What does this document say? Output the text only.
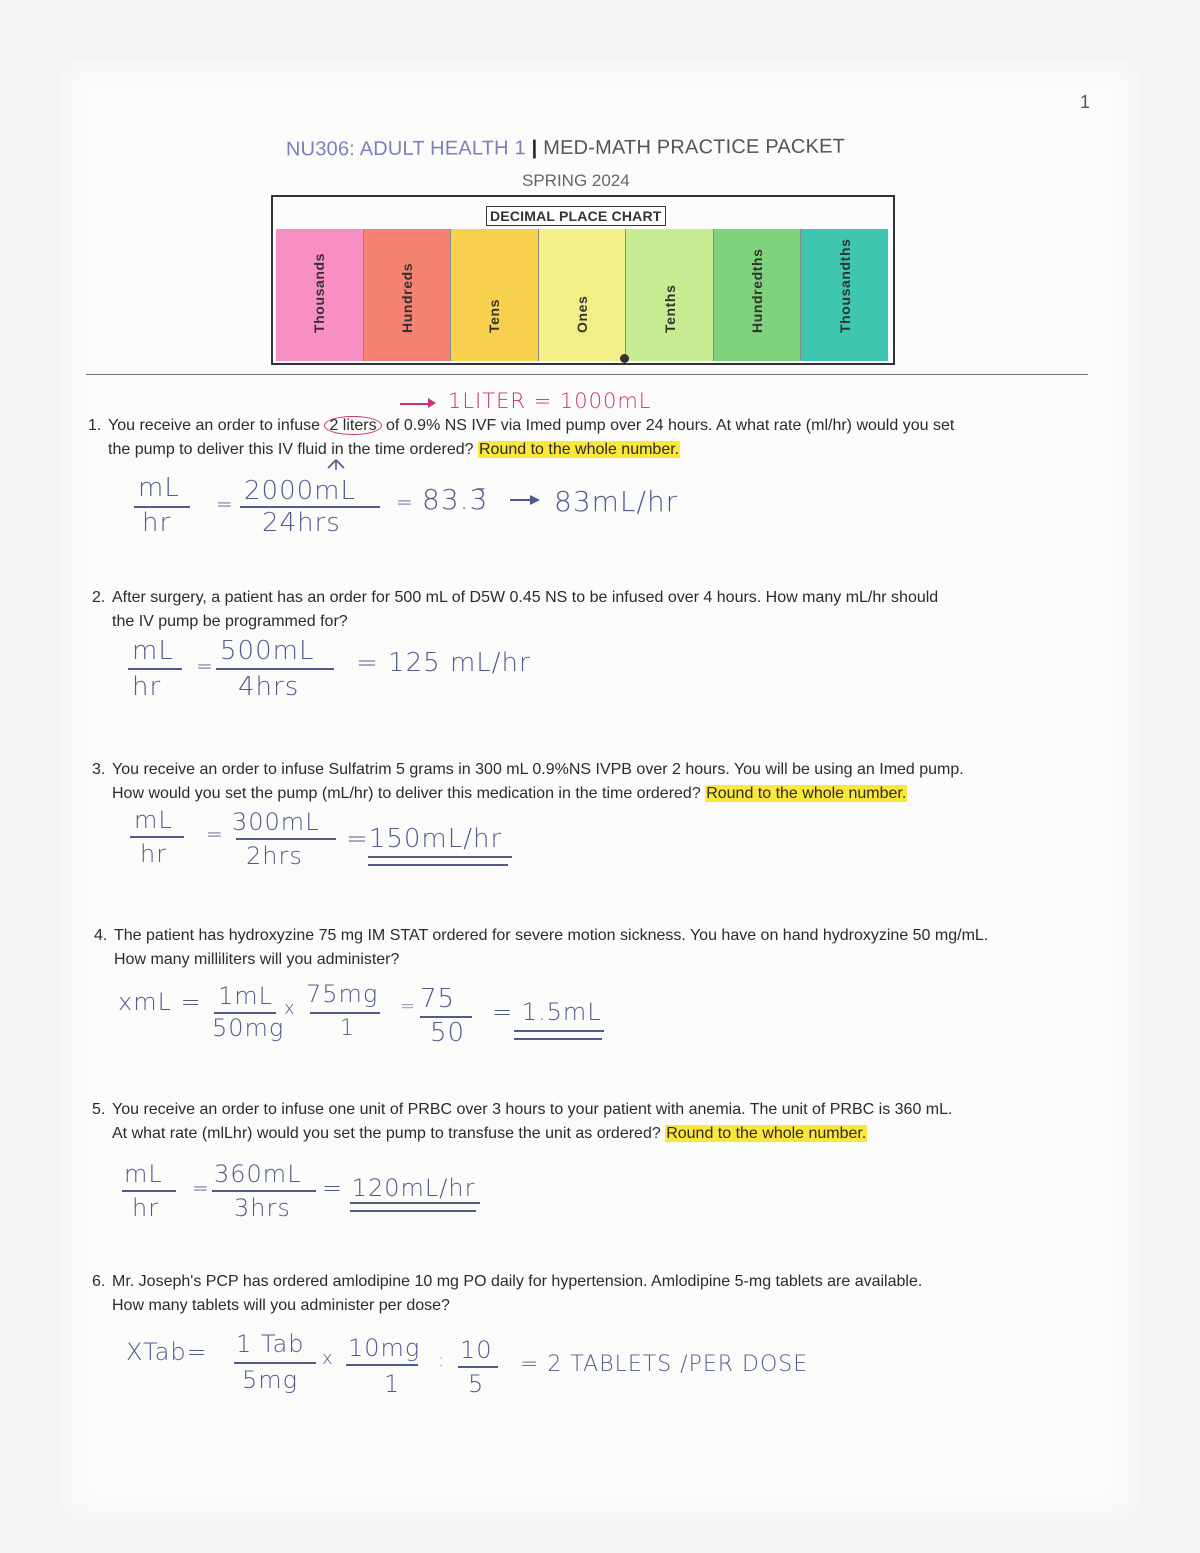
1
NU306: ADULT HEALTH 1 | MED-MATH PRACTICE PACKET
SPRING 2024
Thousands	Hundreds	Tens	Ones	Tenths	Hundredths	Thousandths
DECIMAL PLACE CHART
1LITER = 1000mL
1. You receive an order to infuse 2 liters of 0.9% NS IVF via Imed pump over 24 hours. At what rate (ml/hr) would you set
the pump to deliver this IV fluid in the time ordered? Round to the whole number.
mL
hr
= 2000mL
24hrs
= 83.3̄ 83mL/hr
2. After surgery, a patient has an order for 500 mL of D5W 0.45 NS to be infused over 4 hours. How many mL/hr should
the IV pump be programmed for?
mL
hr
= 500mL
4hrs
= 125 mL/hr
3. You receive an order to infuse Sulfatrim 5 grams in 300 mL 0.9%NS IVPB over 2 hours. You will be using an Imed pump.
How would you set the pump (mL/hr) to deliver this medication in the time ordered? Round to the whole number.
mL
hr
= 300mL
2hrs
=150mL/hr
4. The patient has hydroxyzine 75 mg IM STAT ordered for severe motion sickness. You have on hand hydroxyzine 50 mg/mL.
How many milliliters will you administer?
xmL = 1mL
50mg
x
75mg
1
= 75
50
= 1.5mL
5. You receive an order to infuse one unit of PRBC over 3 hours to your patient with anemia. The unit of PRBC is 360 mL.
At what rate (mlLhr) would you set the pump to transfuse the unit as ordered? Round to the whole number.
mL
hr
= 360mL
3hrs
= 120mL/hr
6. Mr. Joseph's PCP has ordered amlodipine 10 mg PO daily for hypertension. Amlodipine 5-mg tablets are available.
How many tablets will you administer per dose?
XTab= 1 Tab
5mg
x 10mg
1
: 10
5
= 2 TABLETS /PER DOSE
